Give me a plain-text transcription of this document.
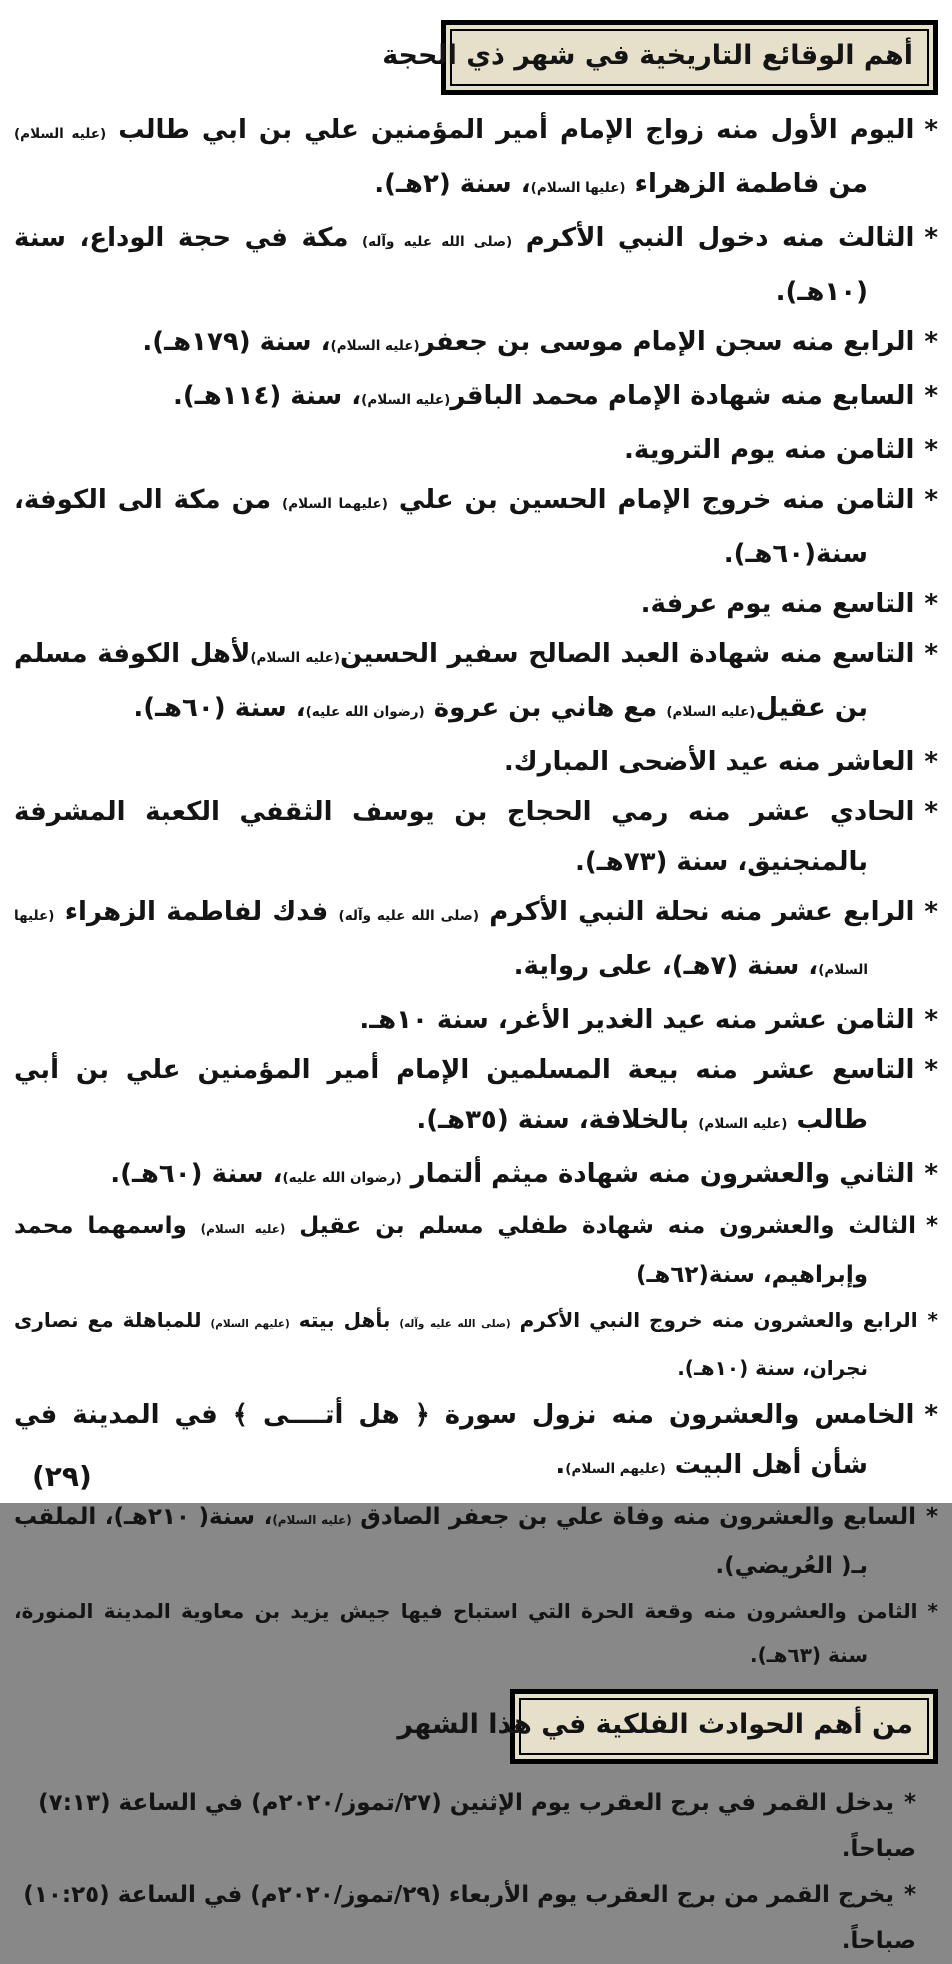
أهم الوقائع التاريخية في شهر ذي الحجة

*اليوم الأول منه زواج الإمام أمير المؤمنين علي بن ابي طالب (عليه السلام) من فاطمة الزهراء (عليها السلام)، سنة (٢هـ).

*الثالث منه دخول النبي الأكرم (صلى الله عليه وآله) مكة في حجة الوداع، سنة (١٠هـ).

*الرابع منه سجن الإمام موسى بن جعفر(عليه السلام)، سنة (١٧٩هـ).

*السابع منه شهادة الإمام محمد الباقر(عليه السلام)، سنة (١١٤هـ).

*الثامن منه يوم التروية.

*الثامن منه خروج الإمام الحسين بن علي (عليهما السلام) من مكة الى الكوفة، سنة(٦٠هـ).

*التاسع منه يوم عرفة.

*التاسع منه شهادة العبد الصالح سفير الحسين(عليه السلام)لأهل الكوفة مسلم بن عقيل(عليه السلام) مع هاني بن عروة (رضوان الله عليه)، سنة (٦٠هـ).

*العاشر منه عيد الأضحى المبارك.

*الحادي عشر منه رمي الحجاج بن يوسف الثقفي الكعبة المشرفة بالمنجنيق، سنة (٧٣هـ).

*الرابع عشر منه نحلة النبي الأكرم (صلى الله عليه وآله) فدك لفاطمة الزهراء (عليها السلام)، سنة (٧هـ)، على رواية.

*الثامن عشر منه عيد الغدير الأغر، سنة ١٠هـ.

*التاسع عشر منه بيعة المسلمين الإمام أمير المؤمنين علي بن أبي طالب (عليه السلام) بالخلافة، سنة (٣٥هـ).

*الثاني والعشرون منه شهادة ميثم ألتمار (رضوان الله عليه)، سنة (٦٠هـ).

*الثالث والعشرون منه شهادة طفلي مسلم بن عقيل (عليه السلام) واسمهما محمد وإبراهيم، سنة(٦٢هـ)

*الرابع والعشرون منه خروج النبي الأكرم (صلى الله عليه وآله) بأهل بيته (عليهم السلام) للمباهلة مع نصارى نجران، سنة (١٠هـ).

*الخامس والعشرون منه نزول سورة ﴿ هل أتــــى ﴾ في المدينة في شأن أهل البيت (عليهم السلام).

*السابع والعشرون منه وفاة علي بن جعفر الصادق (عليه السلام)، سنة( ٢١٠هـ)، الملقب بـ( العُريضي).

*الثامن والعشرون منه وقعة الحرة التي استباح فيها جيش يزيد بن معاوية المدينة المنورة، سنة (٦٣هـ).

من أهم الحوادث الفلكية في هذا الشهر

*يدخل القمر في برج العقرب يوم الإثنين (٢٧/تموز/٢٠٢٠م) في الساعة (٧:١٣) صباحاً.

*يخرج القمر من برج العقرب يوم الأربعاء (٢٩/تموز/٢٠٢٠م) في الساعة (١٠:٢٥) صباحاً.

(٢٩)
